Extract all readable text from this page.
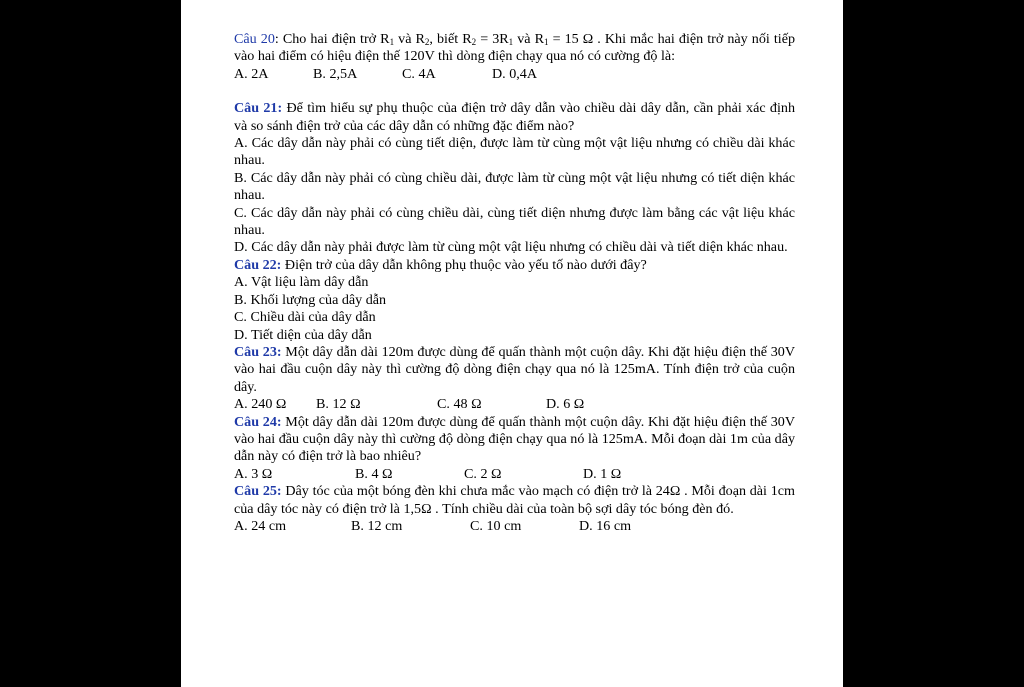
Câu 20: Cho hai điện trở $R_1$ và $R_2$, biết $R_2 = 3R_1$ và $R_1 = 15$ Ω . Khi mắc hai điện trở này nối tiếp vào hai điểm có hiệu điện thế 120V thì dòng điện chạy qua nó có cường độ là:

A. 2A	B. 2,5A	C. 4A	D. 0,4A

Câu 21: Để tìm hiểu sự phụ thuộc của điện trở dây dẫn vào chiều dài dây dẫn, cần phải xác định và so sánh điện trở của các dây dẫn có những đặc điểm nào?

A. Các dây dẫn này phải có cùng tiết diện, được làm từ cùng một vật liệu nhưng có chiều dài khác nhau.

B. Các dây dẫn này phải có cùng chiều dài, được làm từ cùng một vật liệu nhưng có tiết diện khác nhau.

C. Các dây dẫn này phải có cùng chiều dài, cùng tiết diện nhưng được làm bằng các vật liệu khác nhau.

D. Các dây dẫn này phải được làm từ cùng một vật liệu nhưng có chiều dài và tiết diện khác nhau.

Câu 22: Điện trở của dây dẫn không phụ thuộc vào yếu tố nào dưới đây?

A. Vật liệu làm dây dẫn

B. Khối lượng của dây dẫn

C. Chiều dài của dây dẫn

D. Tiết diện của dây dẫn

Câu 23: Một dây dẫn dài 120m được dùng để quấn thành một cuộn dây. Khi đặt hiệu điện thế 30V vào hai đầu cuộn dây này thì cường độ dòng điện chạy qua nó là 125mA. Tính điện trở của cuộn dây.

A. 240 Ω	B. 12 Ω	C. 48 Ω	D. 6 Ω

Câu 24: Một dây dẫn dài 120m được dùng để quấn thành một cuộn dây. Khi đặt hiệu điện thế 30V vào hai đầu cuộn dây này thì cường độ dòng điện chạy qua nó là 125mA. Mỗi đoạn dài 1m của dây dẫn này có điện trở là bao nhiêu?

A. 3 Ω	B. 4 Ω	C. 2 Ω	D. 1 Ω

Câu 25: Dây tóc của một bóng đèn khi chưa mắc vào mạch có điện trở là 24Ω . Mỗi đoạn dài 1cm của dây tóc này có điện trở là 1,5Ω . Tính chiều dài của toàn bộ sợi dây tóc bóng đèn đó.

A. 24 cm	B. 12 cm	C. 10 cm	D. 16 cm
